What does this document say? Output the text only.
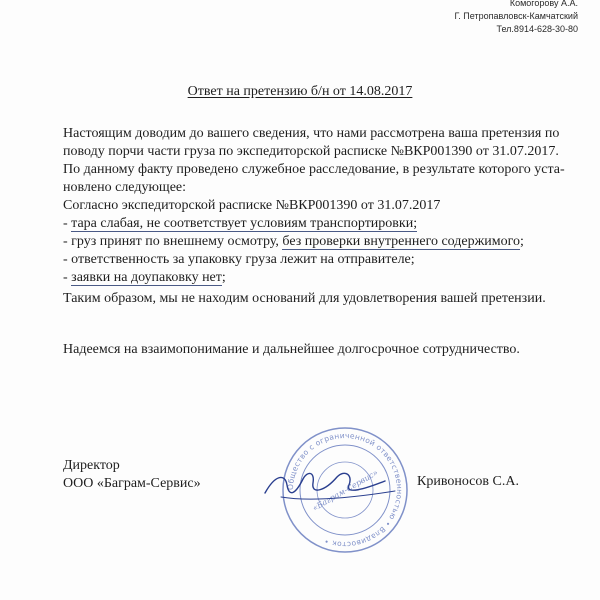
Комогорову А.А.
Г. Петропавловск-Камчатский
Тел.8914-628-30-80
Ответ на претензию б/н от 14.08.2017
Настоящим доводим до вашего сведения, что нами рассмотрена ваша претензия по
поводу порчи части груза по экспедиторской расписке №ВКР001390 от 31.07.2017.
По данному факту проведено служебное расследование, в результате которого уста-
новлено следующее:
Согласно экспедиторской расписке №ВКР001390 от 31.07.2017
- тара слабая, не соответствует условиям транспортировки;
- груз принят по внешнему осмотру, без проверки внутреннего содержимого;
- ответственность за упаковку груза лежит на отправителе;
- заявки на доупаковку нет;
Таким образом, мы не находим оснований для удовлетворения вашей претензии.
Надеемся на взаимопонимание и дальнейшее долгосрочное сотрудничество.
Директор
ООО «Баграм-Сервис»	Общество с ограниченной ответственностью • Владивосток •
«Баграм-Сервис»	Кривоносов С.А.
